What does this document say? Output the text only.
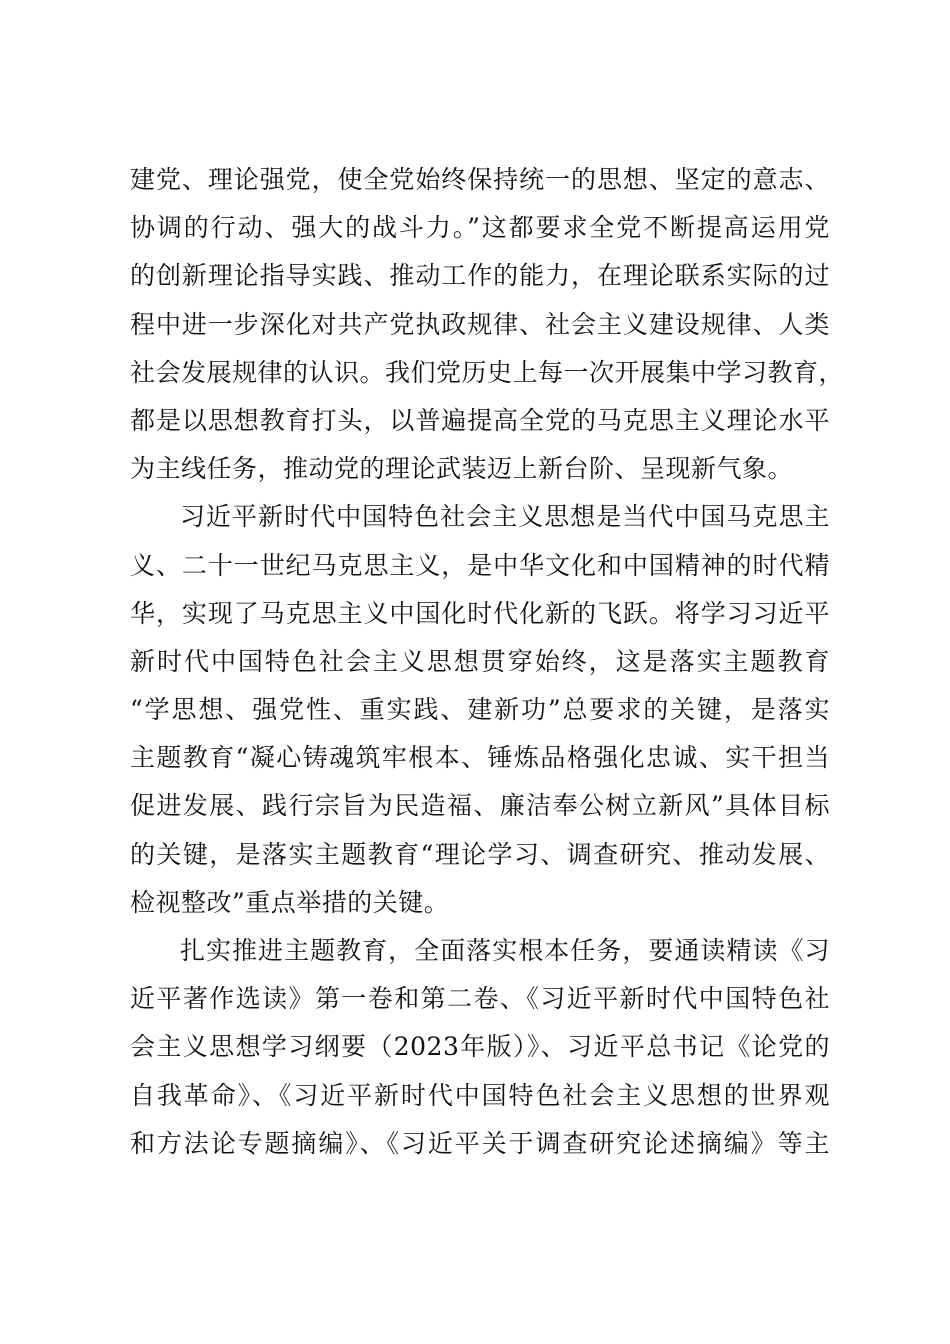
建党、理论强党，使全党始终保持统一的思想、坚定的意志、
协调的行动、强大的战斗力。”这都要求全党不断提高运用党
的创新理论指导实践、推动工作的能力，在理论联系实际的过
程中进一步深化对共产党执政规律、社会主义建设规律、人类
社会发展规律的认识。我们党历史上每一次开展集中学习教育，
都是以思想教育打头，以普遍提高全党的马克思主义理论水平
为主线任务，推动党的理论武装迈上新台阶、呈现新气象。
习近平新时代中国特色社会主义思想是当代中国马克思主
义、二十一世纪马克思主义，是中华文化和中国精神的时代精
华，实现了马克思主义中国化时代化新的飞跃。将学习习近平
新时代中国特色社会主义思想贯穿始终，这是落实主题教育
“学思想、强党性、重实践、建新功”总要求的关键，是落实
主题教育“凝心铸魂筑牢根本、锤炼品格强化忠诚、实干担当
促进发展、践行宗旨为民造福、廉洁奉公树立新风”具体目标
的关键，是落实主题教育“理论学习、调查研究、推动发展、
检视整改”重点举措的关键。
扎实推进主题教育，全面落实根本任务，要通读精读《习
近平著作选读》第一卷和第二卷、《习近平新时代中国特色社
会主义思想学习纲要（2023年版）》、习近平总书记《论党的
自我革命》、《习近平新时代中国特色社会主义思想的世界观
和方法论专题摘编》、《习近平关于调查研究论述摘编》等主
